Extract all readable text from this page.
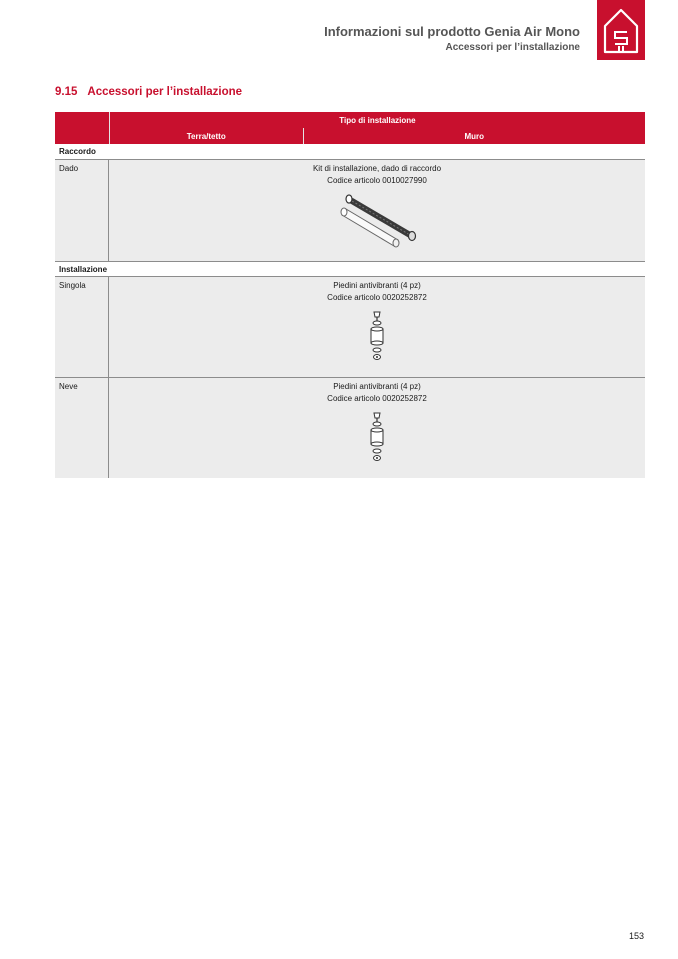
Informazioni sul prodotto Genia Air Mono
Accessori per l’installazione
9.15 Accessori per l’installazione
Tipo di installazione
Terra/tetto	Muro
Raccordo
Dado	Kit di installazione, dado di raccordo
Codice articolo 0010027990
Installazione
Singola	Piedini antivibranti (4 pz)
Codice articolo 0020252872
Neve	Piedini antivibranti (4 pz)
Codice articolo 0020252872
153
